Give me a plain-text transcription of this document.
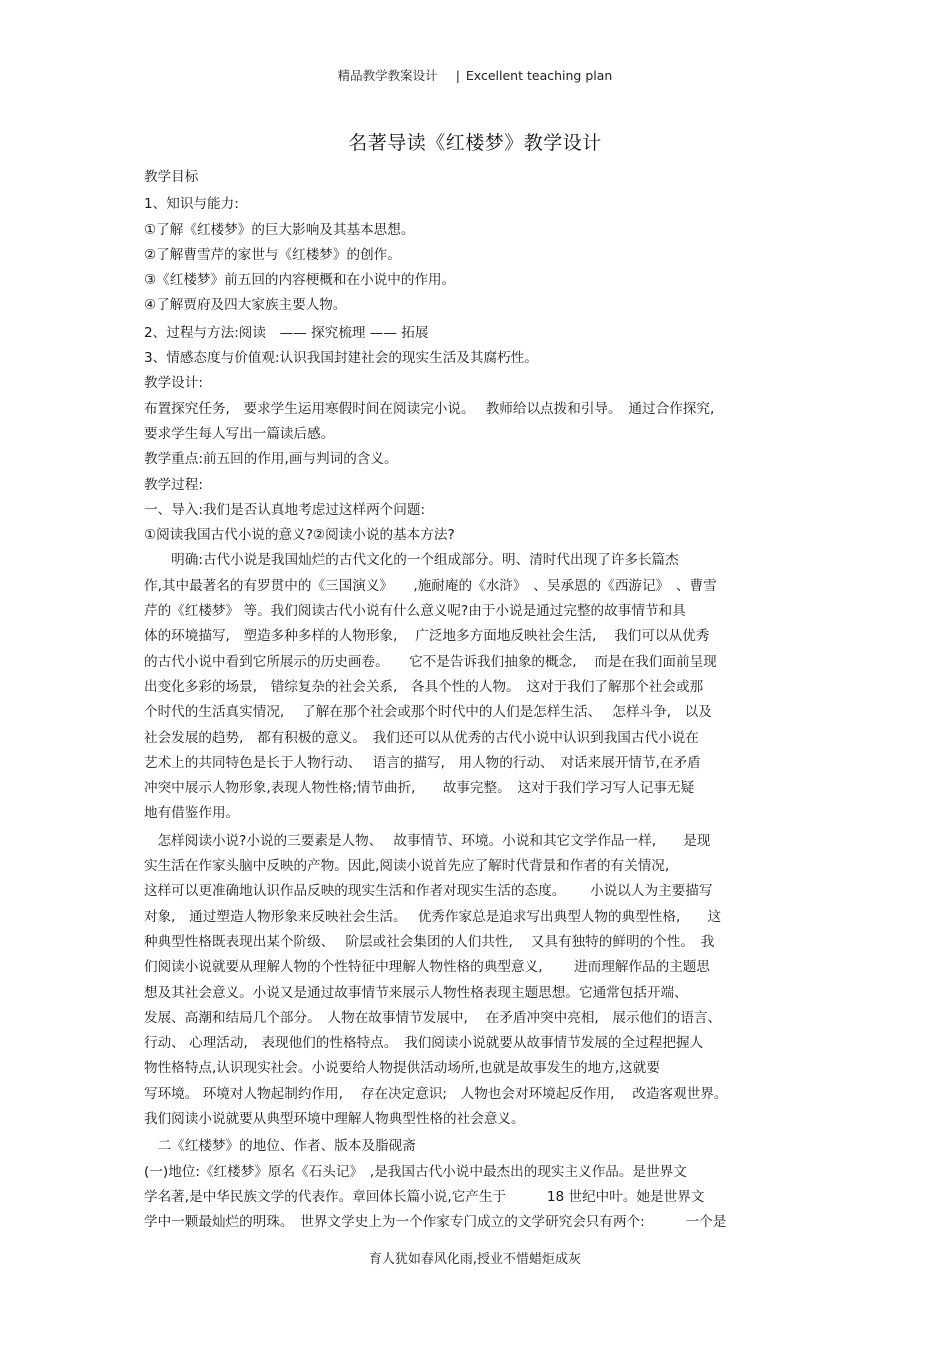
精品教学教案设计 | Excellent teaching plan
名著导读《红楼梦》教学设计
教学目标
1、知识与能力:
①了解《红楼梦》的巨大影响及其基本思想。
②了解曹雪芹的家世与《红楼梦》的创作。
③《红楼梦》前五回的内容梗概和在小说中的作用。
④了解贾府及四大家族主要人物。
2、过程与方法:阅读　—— 探究梳理 —— 拓展
3、情感态度与价值观:认识我国封建社会的现实生活及其腐朽性。
教学设计:
布置探究任务,　要求学生运用寒假时间在阅读完小说。　 教师给以点拨和引导。　通过合作探究,
要求学生每人写出一篇读后感。
教学重点:前五回的作用,画与判词的含义。
教学过程:
一、导入:我们是否认真地考虑过这样两个问题:
①阅读我国古代小说的意义?②阅读小说的基本方法?
　　明确:古代小说是我国灿烂的古代文化的一个组成部分。明、清时代出现了许多长篇杰
作,其中最著名的有罗贯中的《三国演义》　　,施耐庵的《水浒》　、吴承恩的《西游记》　、曹雪
芹的《红楼梦》 等。我们阅读古代小说有什么意义呢?由于小说是通过完整的故事情节和具
体的环境描写,　塑造多种多样的人物形象,　 广泛地多方面地反映社会生活,　 我们可以从优秀
的古代小说中看到它所展示的历史画卷。　　它不是告诉我们抽象的概念,　 而是在我们面前呈现
出变化多彩的场景,　错综复杂的社会关系,　各具个性的人物。　这对于我们了解那个社会或那
个时代的生活真实情况,　 了解在那个社会或那个时代中的人们是怎样生活、　 怎样斗争,　以及
社会发展的趋势,　都有积极的意义。　我们还可以从优秀的古代小说中认识到我国古代小说在
艺术上的共同特色是长于人物行动、　 语言的描写,　用人物的行动、　对话来展开情节,在矛盾
冲突中展示人物形象,表现人物性格;情节曲折,　　故事完整。　这对于我们学习写人记事无疑
地有借鉴作用。
　怎样阅读小说?小说的三要素是人物、　 故事情节、环境。小说和其它文学作品一样,　　是现
实生活在作家头脑中反映的产物。因此,阅读小说首先应了解时代背景和作者的有关情况,
这样可以更准确地认识作品反映的现实生活和作者对现实生活的态度。　　 小说以人为主要描写
对象,　通过塑造人物形象来反映社会生活。　 优秀作家总是追求写出典型人物的典型性格,　　这
种典型性格既表现出某个阶级、　 阶层或社会集团的人们共性,　 又具有独特的鲜明的个性。　我
们阅读小说就要从理解人物的个性特征中理解人物性格的典型意义,　　 进而理解作品的主题思
想及其社会意义。小说又是通过故事情节来展示人物性格表现主题思想。它通常包括开端、
发展、高潮和结局几个部分。　人物在故事情节发展中,　 在矛盾冲突中亮相,　展示他们的语言、
行动、 心理活动,　表现他们的性格特点。　我们阅读小说就要从故事情节发展的全过程把握人
物性格特点,认识现实社会。小说要给人物提供活动场所,也就是故事发生的地方,这就要
写环境。 环境对人物起制约作用,　 存在决定意识;　人物也会对环境起反作用,　 改造客观世界。
我们阅读小说就要从典型环境中理解人物典型性格的社会意义。
　二《红楼梦》的地位、作者、版本及脂砚斋
(一)地位:《红楼梦》原名《石头记》　,是我国古代小说中最杰出的现实主义作品。是世界文
学名著,是中华民族文学的代表作。章回体长篇小说,它产生于　　　18 世纪中叶。她是世界文
学中一颗最灿烂的明珠。　世界文学史上为一个作家专门成立的文学研究会只有两个:　　　一个是
育人犹如春风化雨,授业不惜蜡炬成灰
